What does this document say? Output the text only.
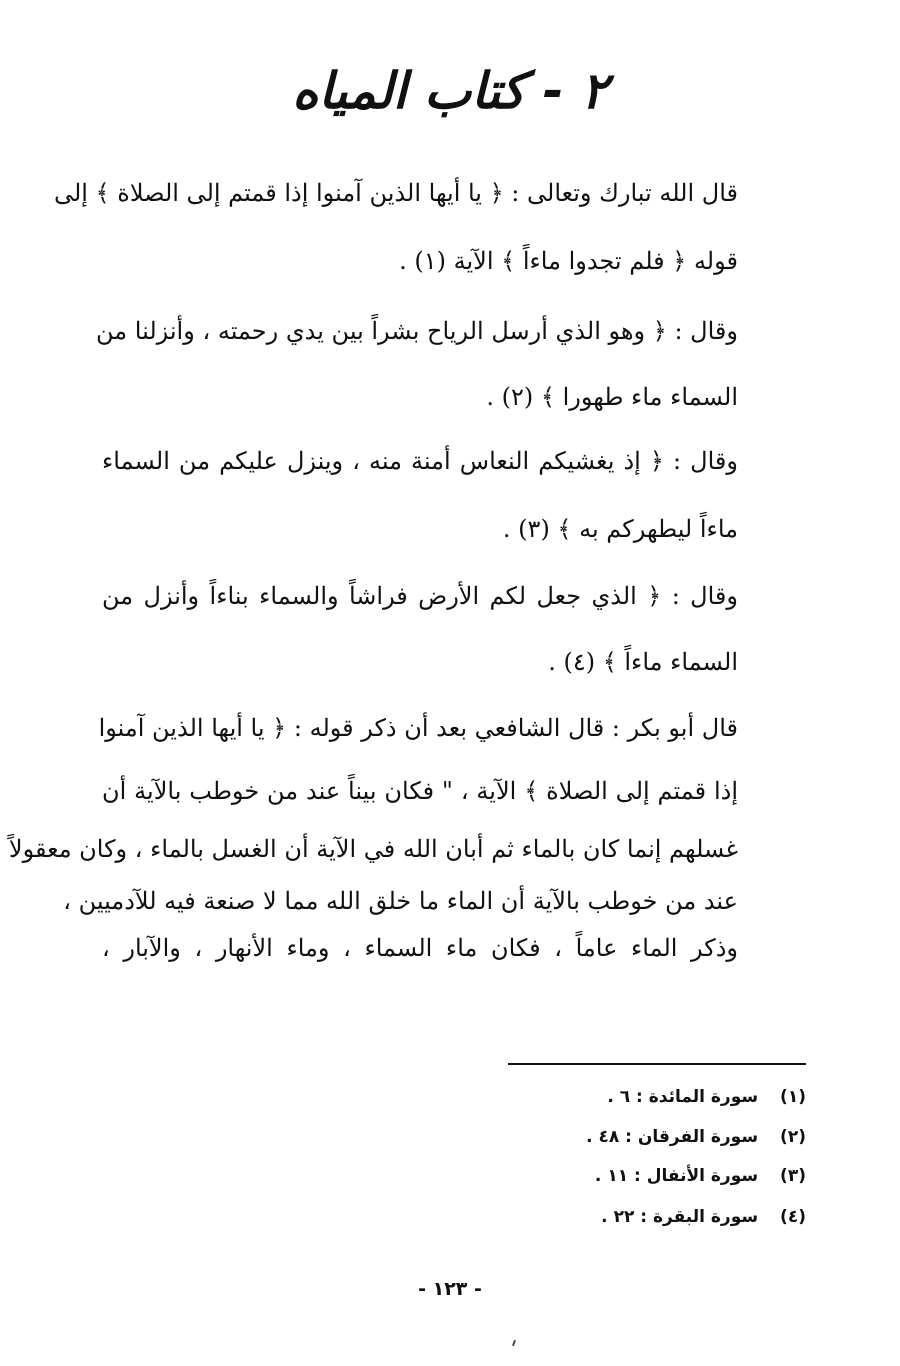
٢ - كتاب المياه
قال الله تبارك وتعالى : ﴿ يا أيها الذين آمنوا إذا قمتم إلى الصلاة ﴾ إلى
قوله ﴿ فلم تجدوا ماءاً ﴾ الآية (١) .
وقال : ﴿ وهو الذي أرسل الرياح بشراً بين يدي رحمته ، وأنزلنا من
السماء ماء طهورا ﴾ (٢) .
وقال : ﴿ إذ يغشيكم النعاس أمنة منه ، وينزل عليكم من السماء
ماءاً ليطهركم به ﴾ (٣) .
وقال : ﴿ الذي جعل لكم الأرض فراشاً والسماء بناءاً وأنزل من
السماء ماءاً ﴾ (٤) .
قال أبو بكر : قال الشافعي بعد أن ذكر قوله : ﴿ يا أيها الذين آمنوا
إذا قمتم إلى الصلاة ﴾ الآية ، " فكان بيناً عند من خوطب بالآية أن
غسلهم إنما كان بالماء ثم أبان الله في الآية أن الغسل بالماء ، وكان معقولاً
عند من خوطب بالآية أن الماء ما خلق الله مما لا صنعة فيه للآدميين ،
وذكر الماء عاماً ، فكان ماء السماء ، وماء الأنهار ، والآبار ،
(١) سورة المائدة : ٦ .
(٢) سورة الفرقان : ٤٨ .
(٣) سورة الأنفال : ١١ .
(٤) سورة البقرة : ٢٢ .
- ١٢٣ -
